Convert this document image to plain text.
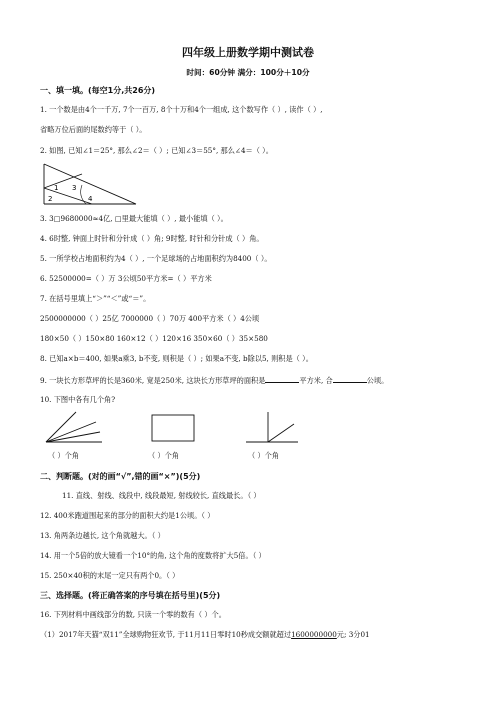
四年级上册数学期中测试卷
时间：60分钟 满分：100分＋10分
一、填一填。(每空1分,共26分)
1. 一个数是由4个一千万, 7个一百万, 8个十万和4个一组成, 这个数写作（ ）, 读作（ ）,
省略万位后面的尾数约等于（ ）。
2. 如图, 已知∠1＝25°, 那么∠2＝（ ）; 已知∠3＝55°, 那么∠4＝（ ）。
1
2
3
4
3. 3□9680000≈4亿, □里最大能填（ ）, 最小能填（ ）。
4. 6时整, 钟面上时针和分针成（ ）角; 9时整, 时针和分针成（ ）角。
5. 一所学校占地面积约为4（ ）, 一个足球场的占地面积约为8400（ ）。
6. 52500000=（ ）万 3公顷50平方米=（ ）平方米
7. 在括号里填上“＞”“＜”或“＝”。
2500000000（ ）25亿 7000000（ ）70万 400平方米（ ）4公顷
180×50（ ）150×80 160×12（ ）120×16 350×60（ ）35×580
8. 已知a×b＝400, 如果a乘3, b不变, 则积是（ ）; 如果a不变, b除以5, 则积是（ ）。
9. 一块长方形草坪的长是360米, 宽是250米, 这块长方形草坪的面积是	平方米, 合	公顷。
10. 下图中各有几个角?
（ ）个角	（ ）个角	（ ）个角
二、判断题。(对的画“√”,错的画“×”)(5分)
11. 直线、射线、线段中, 线段最短, 射线较长, 直线最长。（ ）
12. 400米跑道围起来的部分的面积大约是1公顷。（ ）
13. 角两条边越长, 这个角就越大。（ ）
14. 用一个5倍的放大镜看一个10°的角, 这个角的度数将扩大5倍。（ ）
15. 250×40积的末尾一定只有两个0。（ ）
三、选择题。(将正确答案的序号填在括号里)(5分)
16. 下列材料中画线部分的数, 只读一个零的数有（ ）个。
（1）2017年天猫“双11”全球购物狂欢节, 于11月11日零时10秒成交额就超过1600000000元; 3分01
